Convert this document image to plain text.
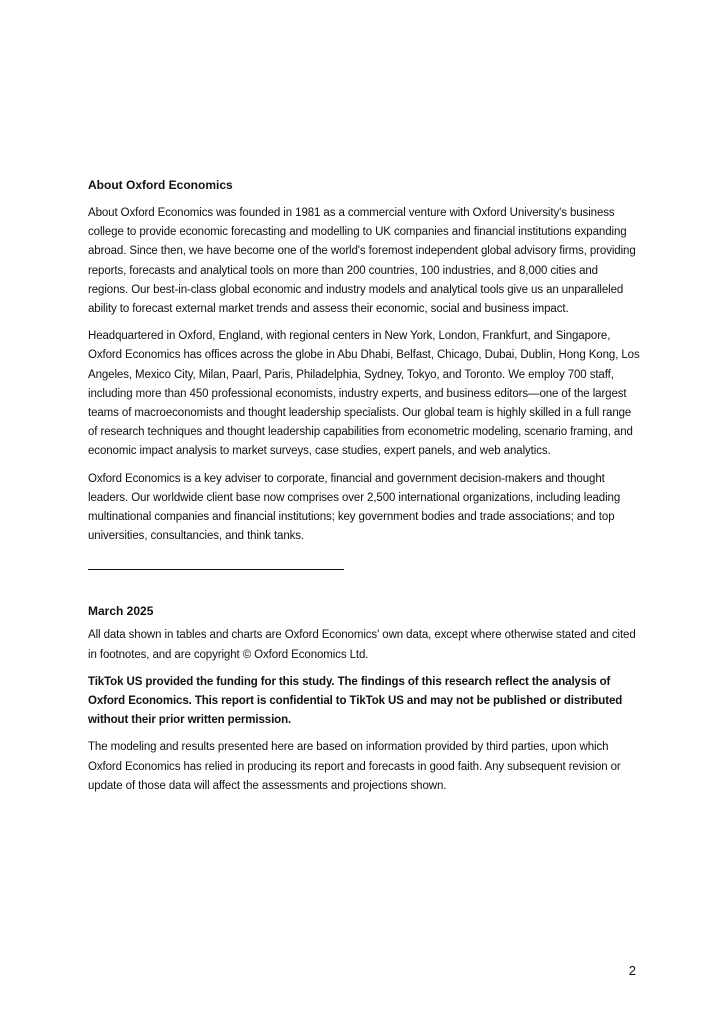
About Oxford Economics

About Oxford Economics was founded in 1981 as a commercial venture with Oxford University's business college to provide economic forecasting and modelling to UK companies and financial institutions expanding abroad. Since then, we have become one of the world's foremost independent global advisory firms, providing reports, forecasts and analytical tools on more than 200 countries, 100 industries, and 8,000 cities and regions. Our best-in-class global economic and industry models and analytical tools give us an unparalleled ability to forecast external market trends and assess their economic, social and business impact.

Headquartered in Oxford, England, with regional centers in New York, London, Frankfurt, and Singapore, Oxford Economics has offices across the globe in Abu Dhabi, Belfast, Chicago, Dubai, Dublin, Hong Kong, Los Angeles, Mexico City, Milan, Paarl, Paris, Philadelphia, Sydney, Tokyo, and Toronto. We employ 700 staff, including more than 450 professional economists, industry experts, and business editors—one of the largest teams of macroeconomists and thought leadership specialists. Our global team is highly skilled in a full range of research techniques and thought leadership capabilities from econometric modeling, scenario framing, and economic impact analysis to market surveys, case studies, expert panels, and web analytics.

Oxford Economics is a key adviser to corporate, financial and government decision-makers and thought leaders. Our worldwide client base now comprises over 2,500 international organizations, including leading multinational companies and financial institutions; key government bodies and trade associations; and top universities, consultancies, and think tanks.

March 2025

All data shown in tables and charts are Oxford Economics' own data, except where otherwise stated and cited in footnotes, and are copyright © Oxford Economics Ltd.

TikTok US provided the funding for this study. The findings of this research reflect the analysis of Oxford Economics. This report is confidential to TikTok US and may not be published or distributed without their prior written permission.

The modeling and results presented here are based on information provided by third parties, upon which Oxford Economics has relied in producing its report and forecasts in good faith. Any subsequent revision or update of those data will affect the assessments and projections shown.

2
